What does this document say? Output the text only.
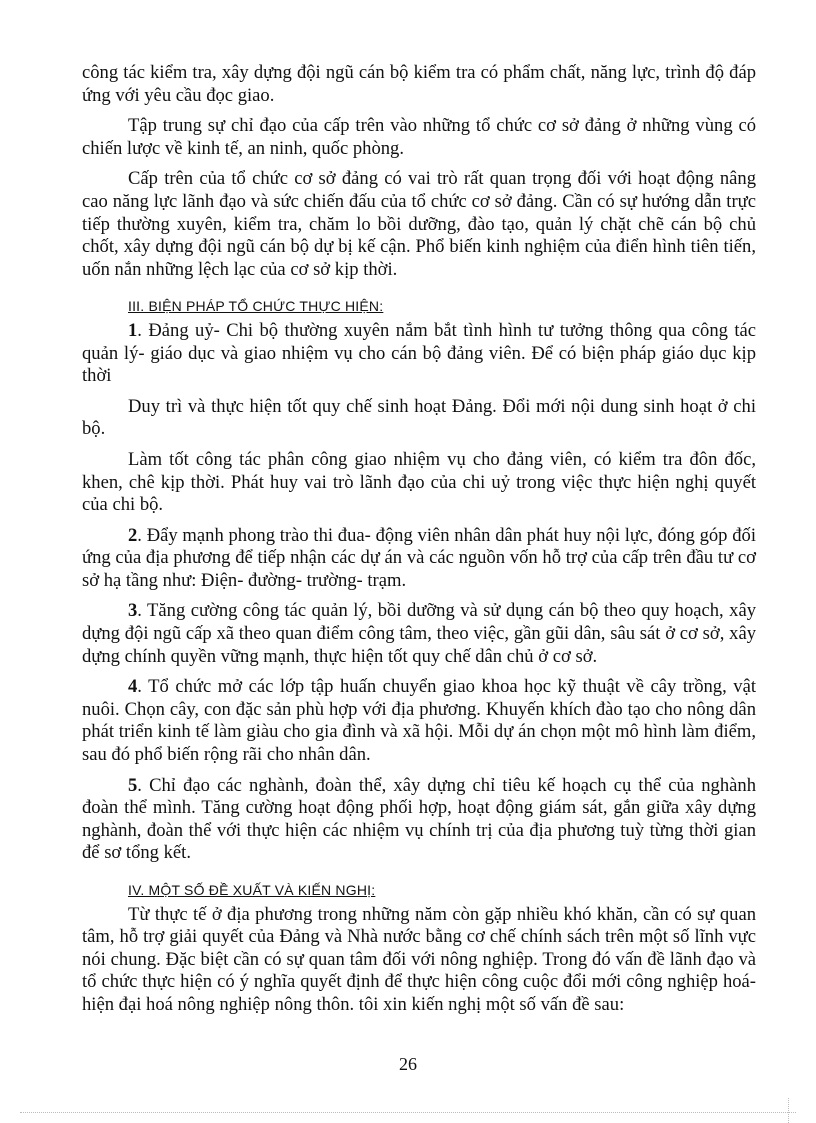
công tác kiểm tra, xây dựng đội ngũ cán bộ kiểm tra có phẩm chất, năng lực, trình độ đáp ứng với yêu cầu đọc giao.

Tập trung sự chỉ đạo của cấp trên vào những tổ chức cơ sở đảng ở những vùng có chiến lược về kinh tế, an ninh, quốc phòng.

Cấp trên của tổ chức cơ sở đảng có vai trò rất quan trọng đối với hoạt động nâng cao năng lực lãnh đạo và sức chiến đấu của tổ chức cơ sở đảng. Cần có sự hướng dẫn trực tiếp thường xuyên, kiểm tra, chăm lo bồi dưỡng, đào tạo, quản lý chặt chẽ cán bộ chủ chốt, xây dựng đội ngũ cán bộ dự bị kế cận. Phổ biến kinh nghiệm của điển hình tiên tiến, uốn nắn những lệch lạc của cơ sở kịp thời.

III. BIỆN PHÁP TỔ CHỨC THỰC HIỆN:

1. Đảng uỷ- Chi bộ thường xuyên nắm bắt tình hình tư tưởng thông qua công tác quản lý- giáo dục và giao nhiệm vụ cho cán bộ đảng viên. Để có biện pháp giáo dục kịp thời

Duy trì và thực hiện tốt quy chế sinh hoạt Đảng. Đổi mới nội dung sinh hoạt ở chi bộ.

Làm tốt công tác phân công giao nhiệm vụ cho đảng viên, có kiểm tra đôn đốc, khen, chê kịp thời. Phát huy vai trò lãnh đạo của chi uỷ trong việc thực hiện nghị quyết của chi bộ.

2. Đẩy mạnh phong trào thi đua- động viên nhân dân phát huy nội lực, đóng góp đối ứng của địa phương để tiếp nhận các dự án và các nguồn vốn hỗ trợ của cấp trên đầu tư cơ sở hạ tầng như: Điện- đường- trường- trạm.

3. Tăng cường công tác quản lý, bồi dưỡng và sử dụng cán bộ theo quy hoạch, xây dựng đội ngũ cấp xã theo quan điểm công tâm, theo việc, gần gũi dân, sâu sát ở cơ sở, xây dựng chính quyền vững mạnh, thực hiện tốt quy chế dân chủ ở cơ sở.

4. Tổ chức mở các lớp tập huấn chuyển giao khoa học kỹ thuật về cây trồng, vật nuôi. Chọn cây, con đặc sản phù hợp với địa phương. Khuyến khích đào tạo cho nông dân phát triển kinh tế làm giàu cho gia đình và xã hội. Mỗi dự án chọn một mô hình làm điểm, sau đó phổ biến rộng rãi cho nhân dân.

5. Chỉ đạo các nghành, đoàn thể, xây dựng chỉ tiêu kế hoạch cụ thể của nghành đoàn thể mình. Tăng cường hoạt động phối hợp, hoạt động giám sát, gắn giữa xây dựng nghành, đoàn thể với thực hiện các nhiệm vụ chính trị của địa phương tuỳ từng thời gian để sơ tổng kết.

IV. MỘT SỐ ĐỀ XUẤT VÀ KIẾN NGHỊ:

Từ thực tế ở địa phương trong những năm còn gặp nhiều khó khăn, cần có sự quan tâm, hỗ trợ giải quyết của Đảng và Nhà nước bằng cơ chế chính sách trên một số lĩnh vực nói chung. Đặc biệt cần có sự quan tâm đối với nông nghiệp. Trong đó vấn đề lãnh đạo và tổ chức thực hiện có ý nghĩa quyết định để thực hiện công cuộc đổi mới công nghiệp hoá- hiện đại hoá nông nghiệp nông thôn. tôi xin kiến nghị một số vấn đề sau:

26
